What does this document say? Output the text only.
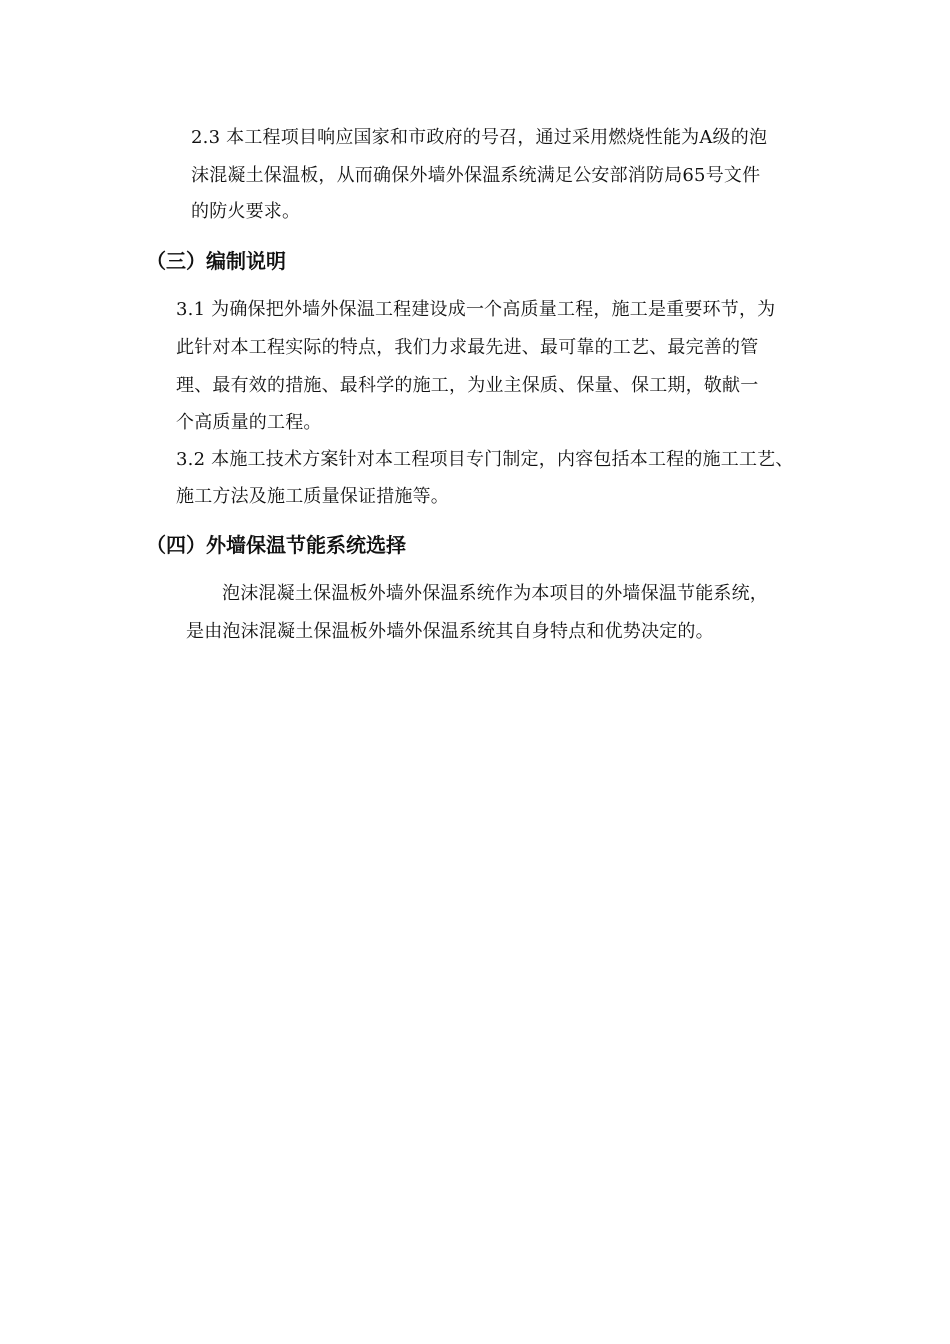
2.3 本工程项目响应国家和市政府的号召，通过采用燃烧性能为A级的泡
沫混凝土保温板，从而确保外墙外保温系统满足公安部消防局65号文件
的防火要求。
（三）编制说明
3.1 为确保把外墙外保温工程建设成一个高质量工程，施工是重要环节，为
此针对本工程实际的特点，我们力求最先进、最可靠的工艺、最完善的管
理、最有效的措施、最科学的施工，为业主保质、保量、保工期，敬献一
个高质量的工程。
3.2 本施工技术方案针对本工程项目专门制定，内容包括本工程的施工工艺、
施工方法及施工质量保证措施等。
（四）外墙保温节能系统选择
泡沫混凝土保温板外墙外保温系统作为本项目的外墙保温节能系统，
是由泡沫混凝土保温板外墙外保温系统其自身特点和优势决定的。
